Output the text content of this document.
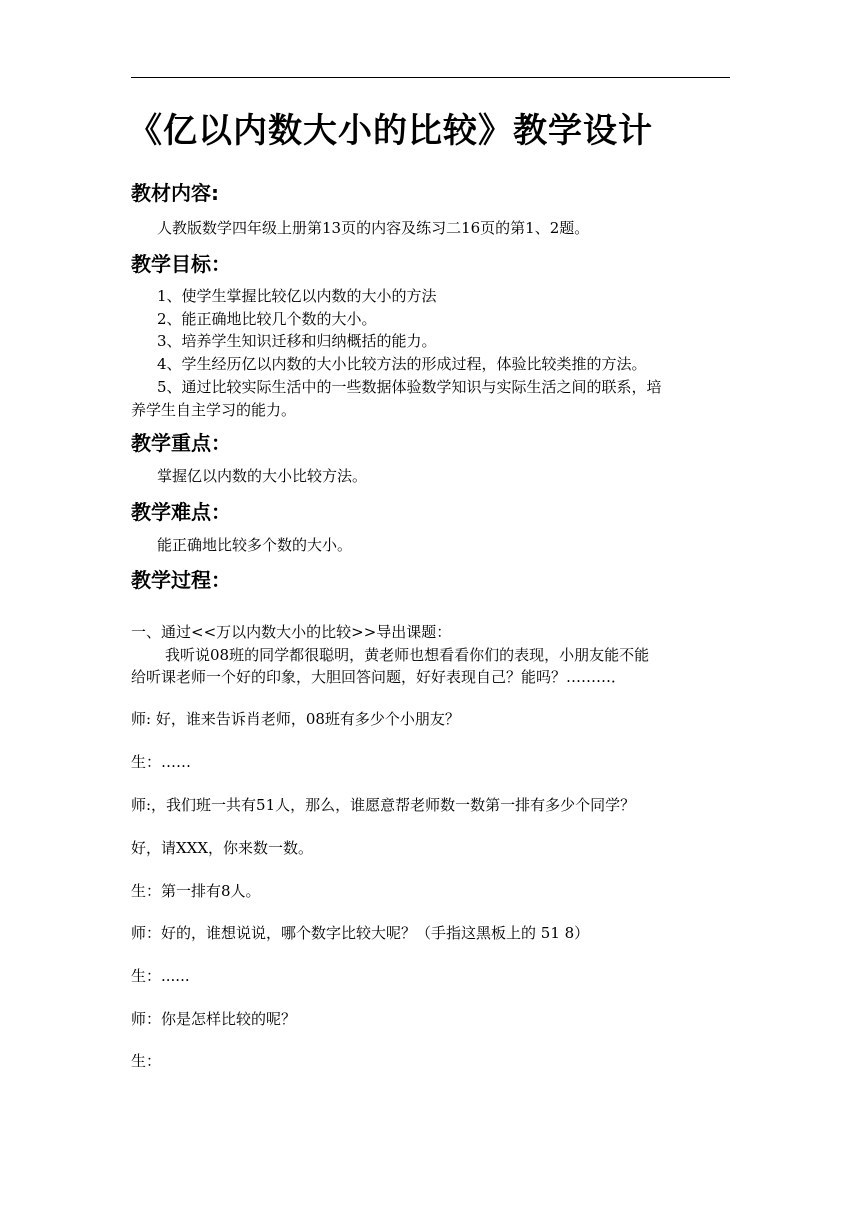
《亿以内数大小的比较》教学设计
教材内容:
人教版数学四年级上册第13页的内容及练习二16页的第1、2题。
教学目标：
1、使学生掌握比较亿以内数的大小的方法
2、能正确地比较几个数的大小。
3、培养学生知识迁移和归纳概括的能力。
4、学生经历亿以内数的大小比较方法的形成过程，体验比较类推的方法。
5、通过比较实际生活中的一些数据体验数学知识与实际生活之间的联系，培
养学生自主学习的能力。
教学重点：
掌握亿以内数的大小比较方法。
教学难点：
能正确地比较多个数的大小。
教学过程：
一、通过<<万以内数大小的比较>>导出课题：
我听说08班的同学都很聪明，黄老师也想看看你们的表现，小朋友能不能
给听课老师一个好的印象，大胆回答问题，好好表现自己？能吗？………．
师: 好，谁来告诉肖老师，08班有多少个小朋友？
生：……
师:，我们班一共有51人，那么，谁愿意帮老师数一数第一排有多少个同学？
好，请XXX，你来数一数。
生：第一排有8人。
师：好的，谁想说说，哪个数字比较大呢？（手指这黑板上的 51 8）
生：......
师：你是怎样比较的呢？
生：
